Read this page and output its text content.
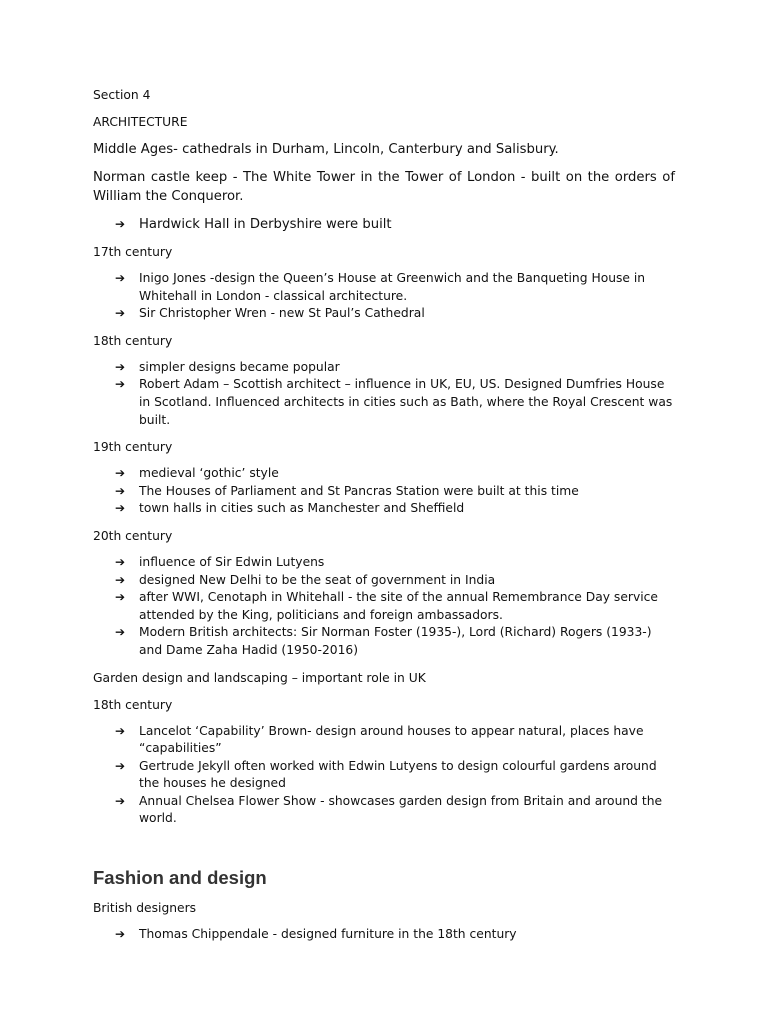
Section 4

ARCHITECTURE

Middle Ages- cathedrals in Durham, Lincoln, Canterbury and Salisbury.

Norman castle keep - The White Tower in the Tower of London - built on the orders of William the Conqueror.

➔ Hardwick Hall in Derbyshire were built

17th century

➔ Inigo Jones -design the Queen’s House at Greenwich and the Banqueting House in Whitehall in London - classical architecture.
➔ Sir Christopher Wren - new St Paul’s Cathedral

18th century

➔ simpler designs became popular
➔ Robert Adam – Scottish architect – influence in UK, EU, US. Designed Dumfries House in Scotland. Influenced architects in cities such as Bath, where the Royal Crescent was built.

19th century

➔ medieval ‘gothic’ style
➔ The Houses of Parliament and St Pancras Station were built at this time
➔ town halls in cities such as Manchester and Sheffield

20th century

➔ influence of Sir Edwin Lutyens
➔ designed New Delhi to be the seat of government in India
➔ after WWI, Cenotaph in Whitehall - the site of the annual Remembrance Day service attended by the King, politicians and foreign ambassadors.
➔ Modern British architects: Sir Norman Foster (1935-), Lord (Richard) Rogers (1933-) and Dame Zaha Hadid (1950-2016)

Garden design and landscaping – important role in UK

18th century

➔ Lancelot ‘Capability’ Brown- design around houses to appear natural, places have “capabilities”
➔ Gertrude Jekyll often worked with Edwin Lutyens to design colourful gardens around the houses he designed
➔ Annual Chelsea Flower Show - showcases garden design from Britain and around the world.
Fashion and design

British designers

➔ Thomas Chippendale - designed furniture in the 18th century
